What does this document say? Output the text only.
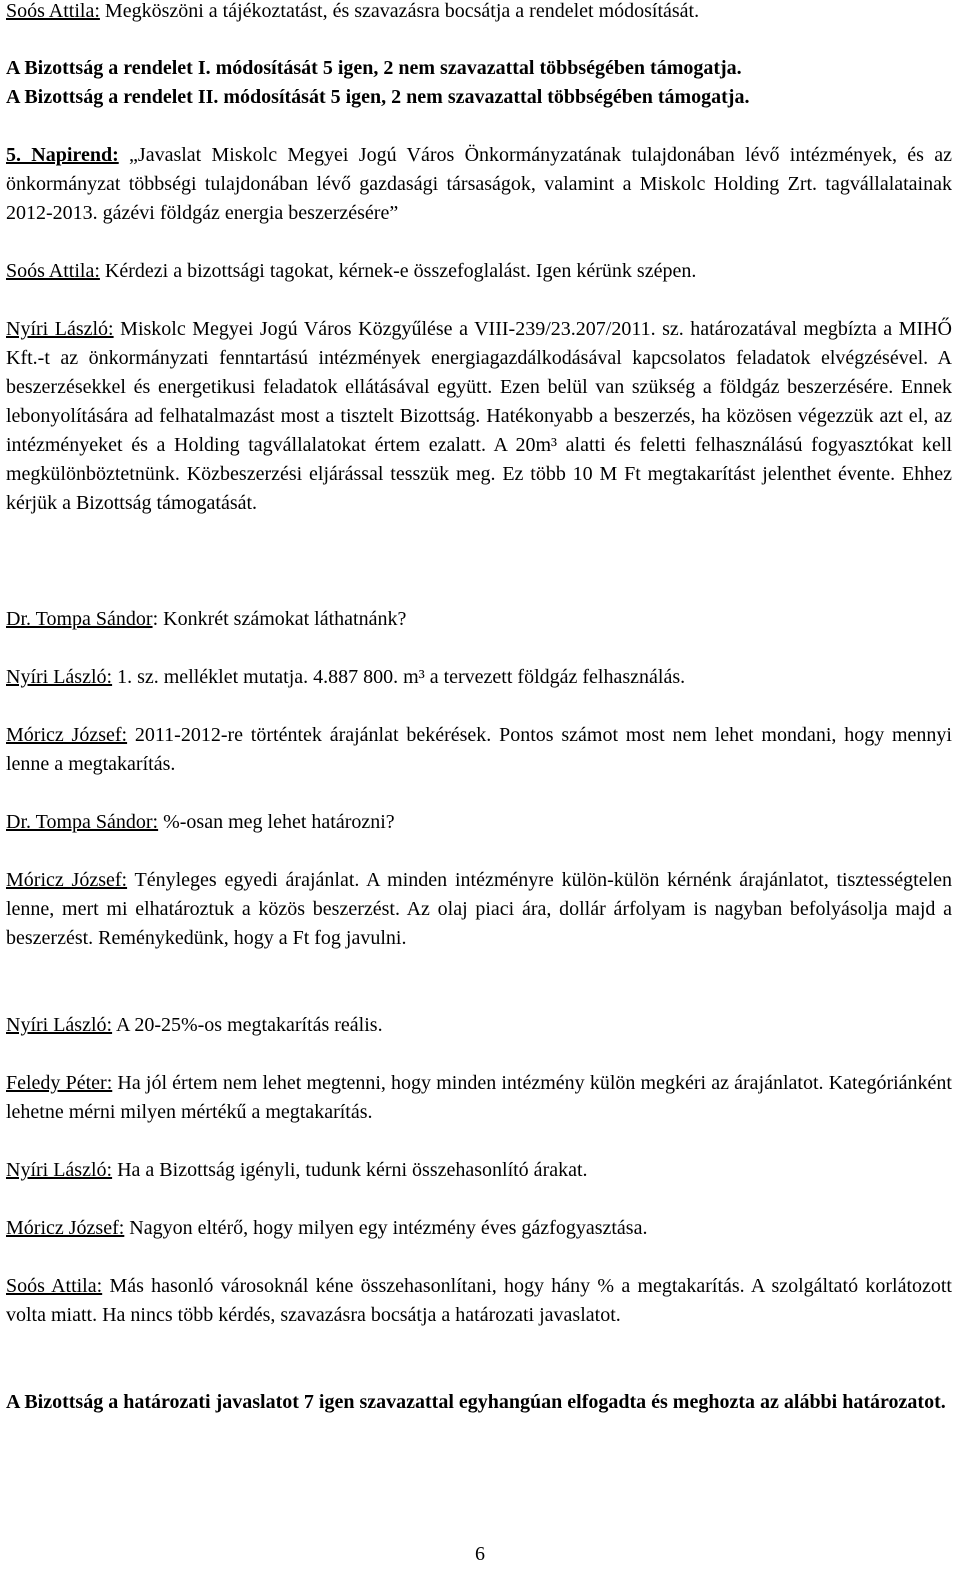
Soós Attila: Megköszöni a tájékoztatást, és szavazásra bocsátja a rendelet módosítását.

A Bizottság a rendelet I. módosítását 5 igen, 2 nem szavazattal többségében támogatja.

A Bizottság a rendelet II. módosítását 5 igen, 2 nem szavazattal többségében támogatja.

5. Napirend: „Javaslat Miskolc Megyei Jogú Város Önkormányzatának tulajdonában lévő intézmények, és az önkormányzat többségi tulajdonában lévő gazdasági társaságok, valamint a Miskolc Holding Zrt. tagvállalatainak 2012-2013. gázévi földgáz energia beszerzésére”

Soós Attila: Kérdezi a bizottsági tagokat, kérnek-e összefoglalást. Igen kérünk szépen.

Nyíri László: Miskolc Megyei Jogú Város Közgyűlése a VIII-239/23.207/2011. sz. határozatával megbízta a MIHŐ Kft.-t az önkormányzati fenntartású intézmények energiagazdálkodásával kapcsolatos feladatok elvégzésével. A beszerzésekkel és energetikusi feladatok ellátásával együtt. Ezen belül van szükség a földgáz beszerzésére. Ennek lebonyolítására ad felhatalmazást most a tisztelt Bizottság. Hatékonyabb a beszerzés, ha közösen végezzük azt el, az intézményeket és a Holding tagvállalatokat értem ezalatt. A 20m³ alatti és feletti felhasználású fogyasztókat kell megkülönböztetnünk. Közbeszerzési eljárással tesszük meg. Ez több 10 M Ft megtakarítást jelenthet évente. Ehhez kérjük a Bizottság támogatását.

Dr. Tompa Sándor: Konkrét számokat láthatnánk?

Nyíri László: 1. sz. melléklet mutatja. 4.887 800. m³ a tervezett földgáz felhasználás.

Móricz József: 2011-2012-re történtek árajánlat bekérések. Pontos számot most nem lehet mondani, hogy mennyi lenne a megtakarítás.

Dr. Tompa Sándor: %-osan meg lehet határozni?

Móricz József: Tényleges egyedi árajánlat. A minden intézményre külön-külön kérnénk árajánlatot, tisztességtelen lenne, mert mi elhatároztuk a közös beszerzést. Az olaj piaci ára, dollár árfolyam is nagyban befolyásolja majd a beszerzést. Reménykedünk, hogy a Ft fog javulni.

Nyíri László: A 20-25%-os megtakarítás reális.

Feledy Péter: Ha jól értem nem lehet megtenni, hogy minden intézmény külön megkéri az árajánlatot. Kategóriánként lehetne mérni milyen mértékű a megtakarítás.

Nyíri László: Ha a Bizottság igényli, tudunk kérni összehasonlító árakat.

Móricz József: Nagyon eltérő, hogy milyen egy intézmény éves gázfogyasztása.

Soós Attila: Más hasonló városoknál kéne összehasonlítani, hogy hány % a megtakarítás. A szolgáltató korlátozott volta miatt. Ha nincs több kérdés, szavazásra bocsátja a határozati javaslatot.

A Bizottság a határozati javaslatot 7 igen szavazattal egyhangúan elfogadta és meghozta az alábbi határozatot.

6
